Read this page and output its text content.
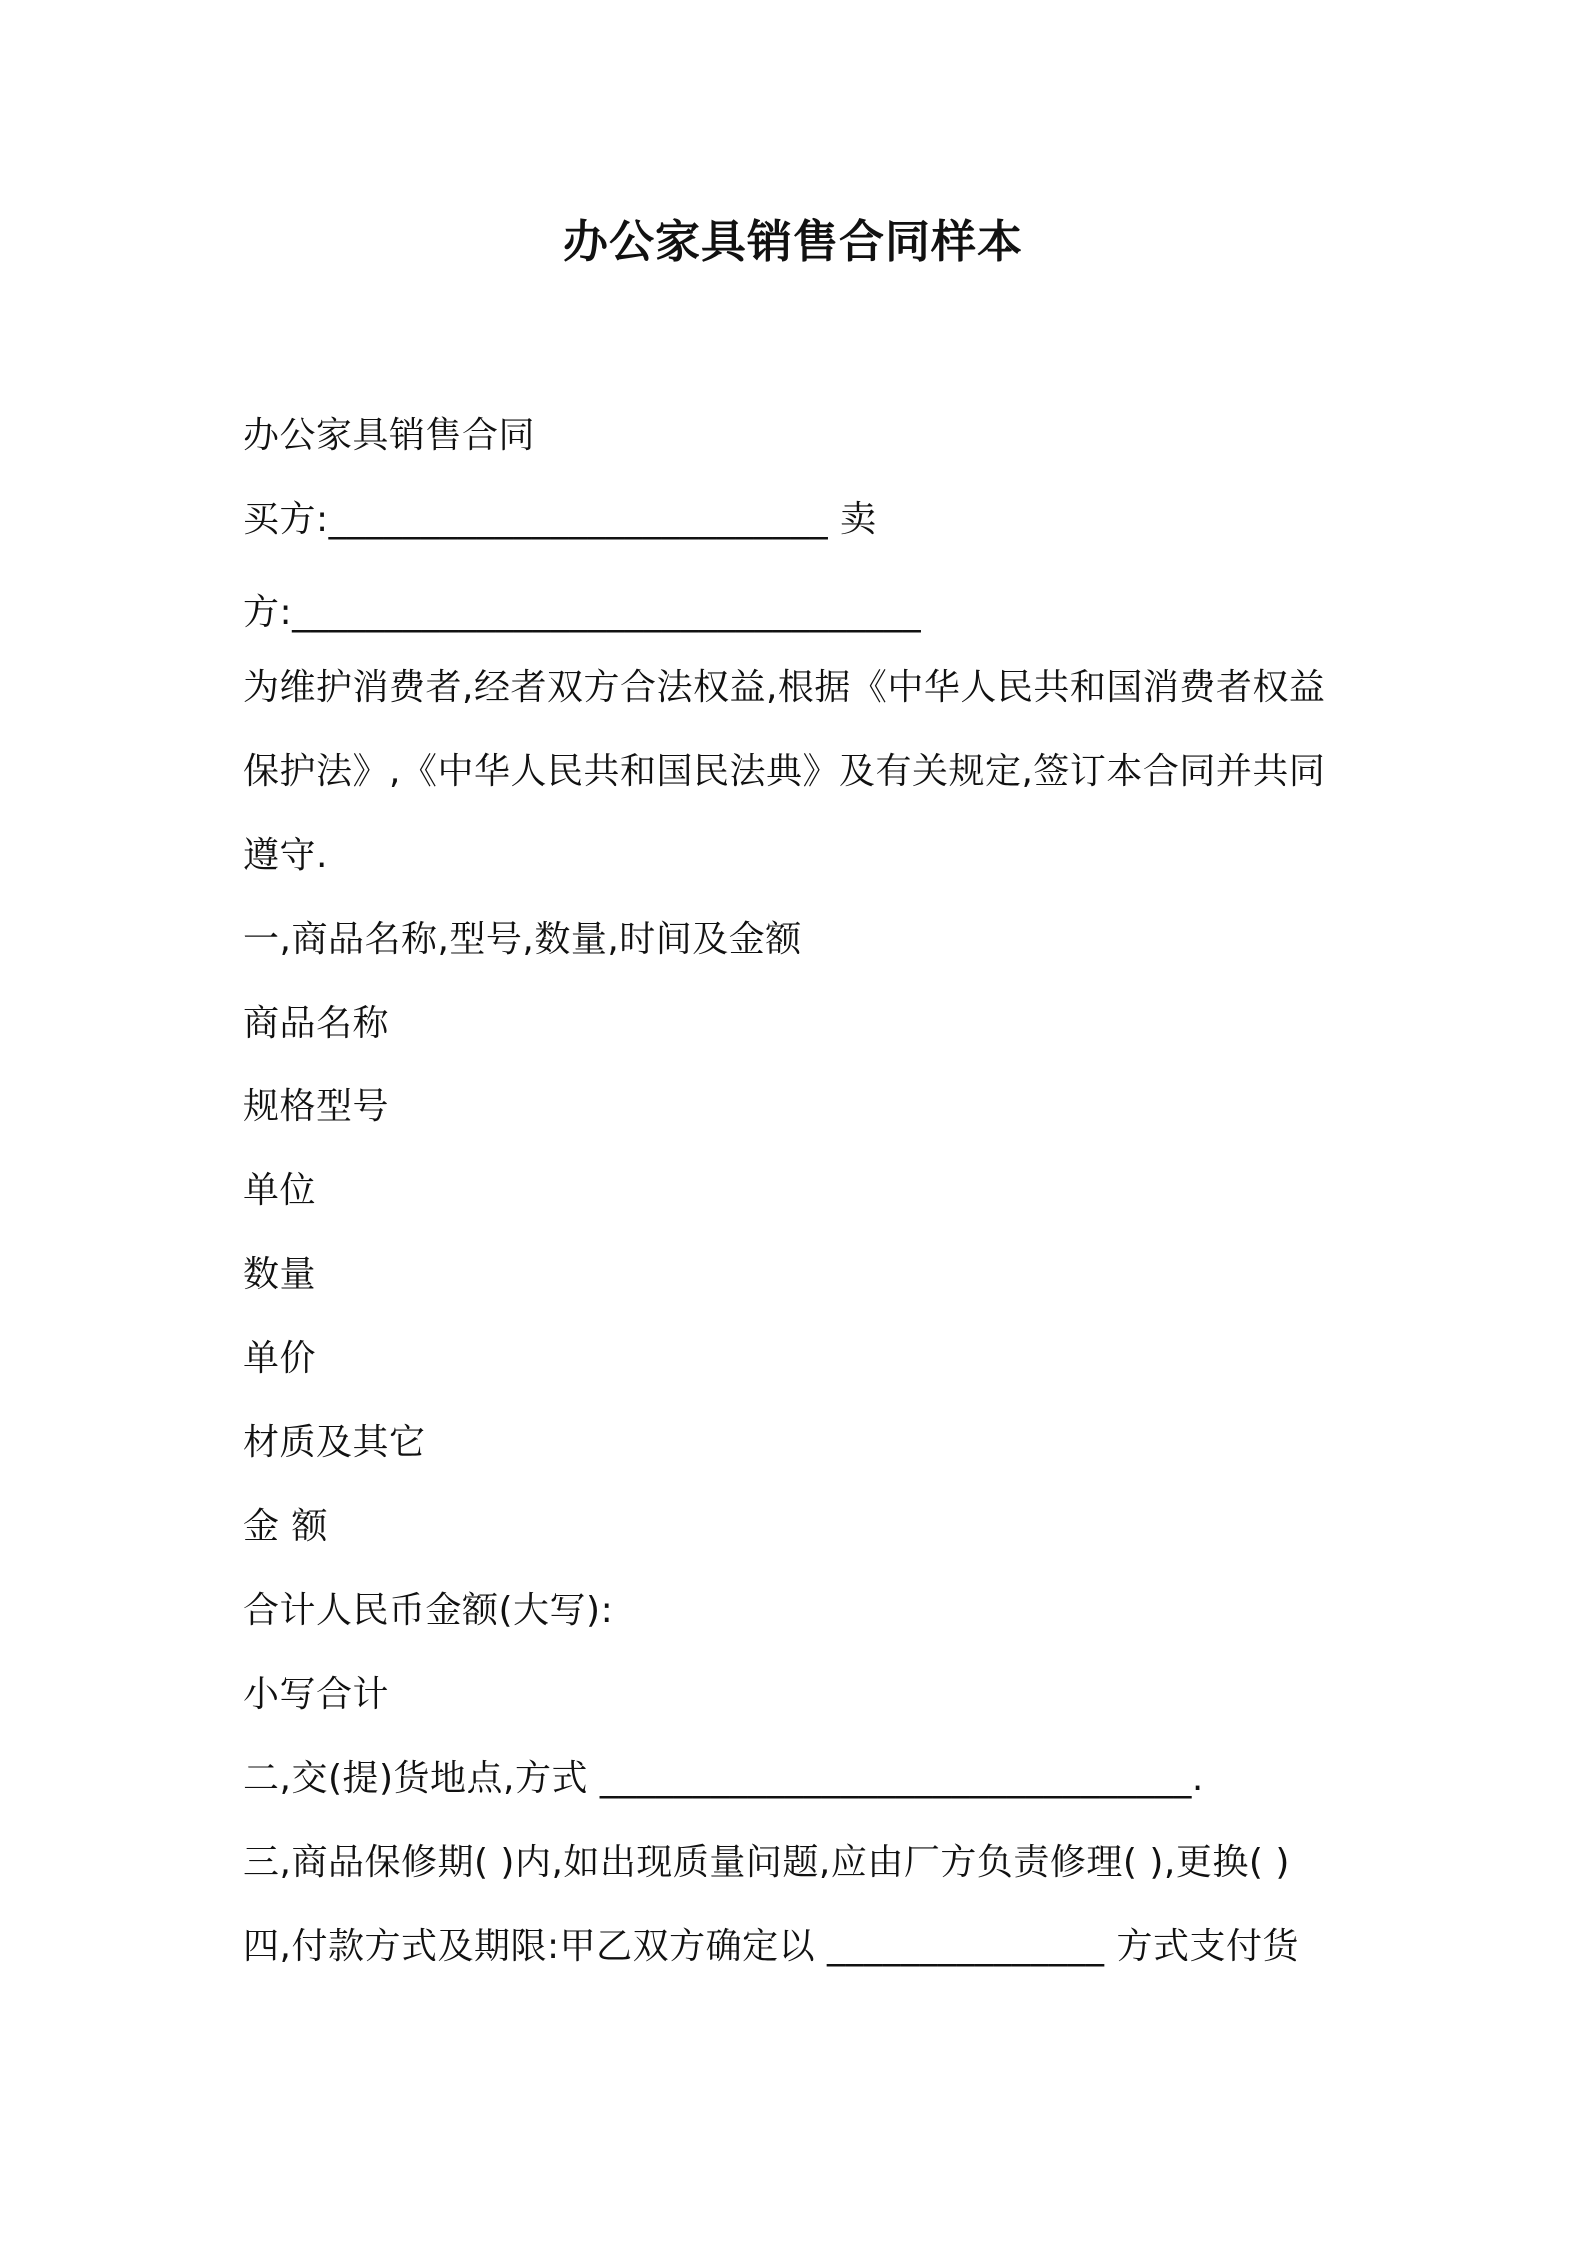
办公家具销售合同样本
办公家具销售合同
买方:___________________________ 卖
方:__________________________________
为维护消费者,经者双方合法权益,根据《中华人民共和国消费者权益
保护法》,《中华人民共和国民法典》及有关规定,签订本合同并共同
遵守.
一,商品名称,型号,数量,时间及金额
商品名称
规格型号
单位
数量
单价
材质及其它
金 额
合计人民币金额(大写):
小写合计
二,交(提)货地点,方式 ________________________________.
三,商品保修期( )内,如出现质量问题,应由厂方负责修理( ),更换( )
四,付款方式及期限:甲乙双方确定以 _______________ 方式支付货
